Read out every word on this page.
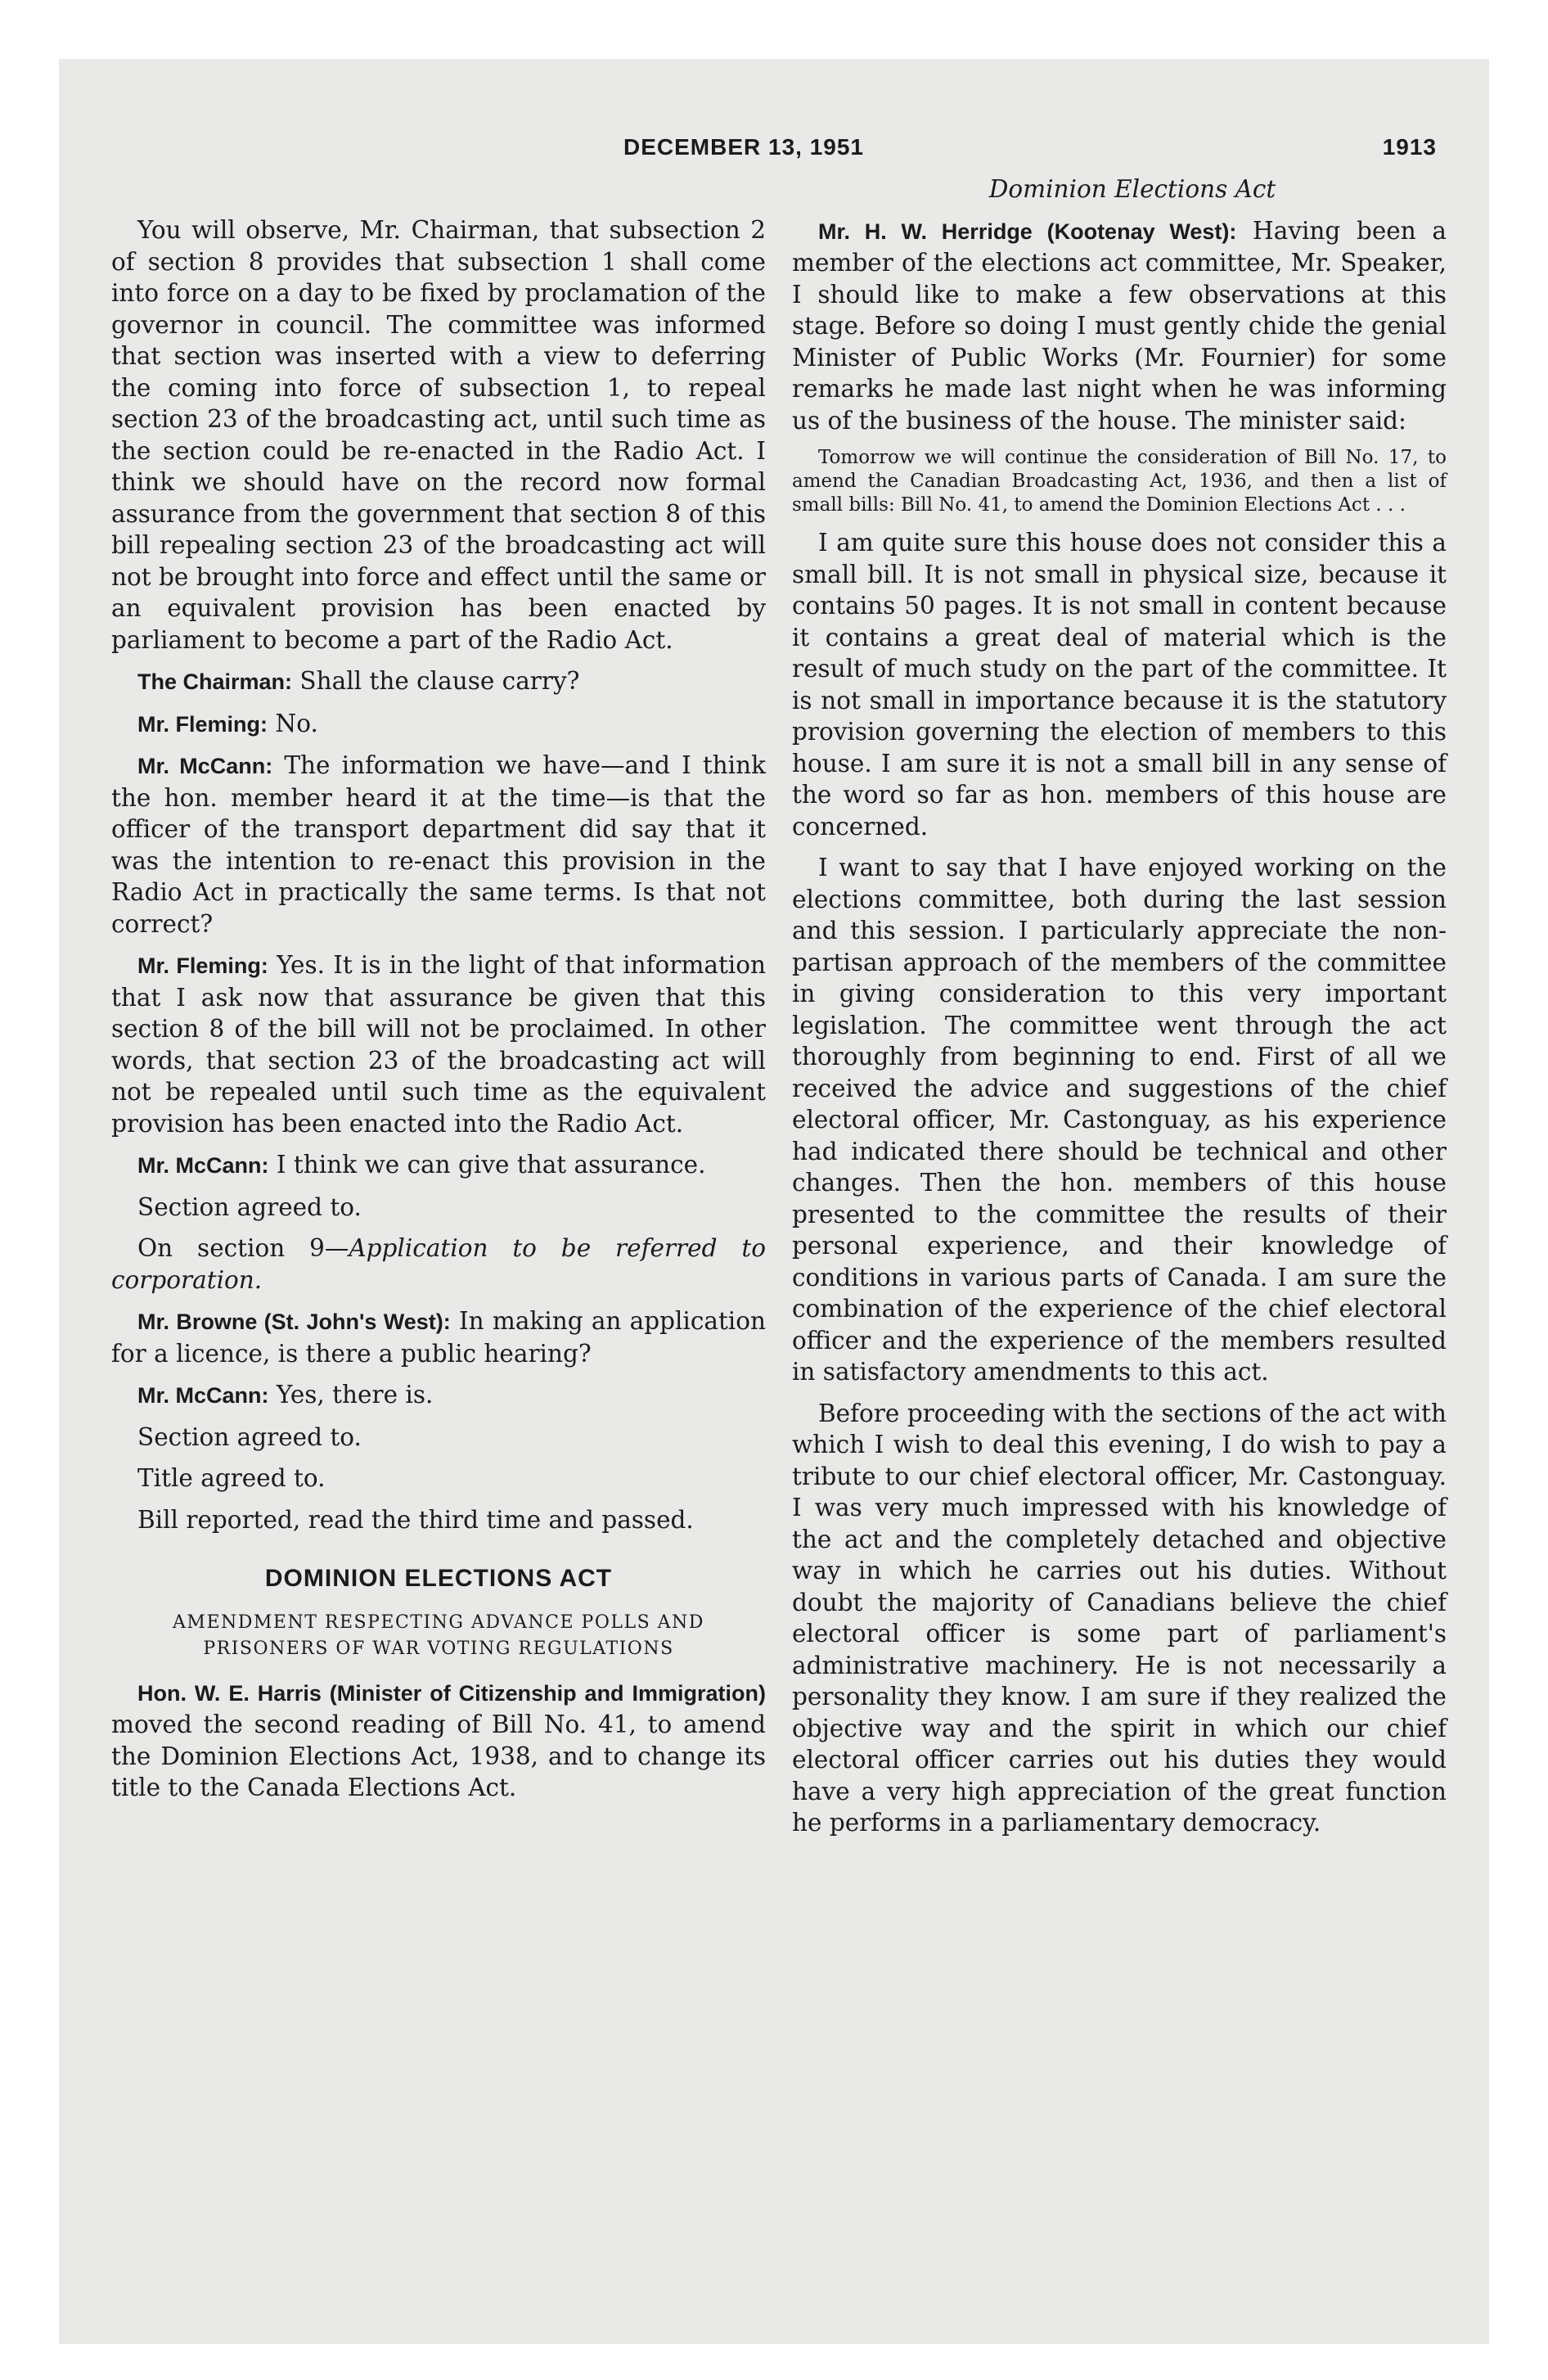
DECEMBER 13, 1951	1913

You will observe, Mr. Chairman, that subsection 2 of section 8 provides that subsection 1 shall come into force on a day to be fixed by proclamation of the governor in council. The committee was informed that section was inserted with a view to deferring the coming into force of subsection 1, to repeal section 23 of the broadcasting act, until such time as the section could be re-enacted in the Radio Act. I think we should have on the record now formal assurance from the government that section 8 of this bill repealing section 23 of the broadcasting act will not be brought into force and effect until the same or an equivalent provision has been enacted by parliament to become a part of the Radio Act.

The Chairman: Shall the clause carry?

Mr. Fleming: No.

Mr. McCann: The information we have—and I think the hon. member heard it at the time—is that the officer of the transport department did say that it was the intention to re-enact this provision in the Radio Act in practically the same terms. Is that not correct?

Mr. Fleming: Yes. It is in the light of that information that I ask now that assurance be given that this section 8 of the bill will not be proclaimed. In other words, that section 23 of the broadcasting act will not be repealed until such time as the equivalent provision has been enacted into the Radio Act.

Mr. McCann: I think we can give that assurance.

Section agreed to.

On section 9—Application to be referred to corporation.

Mr. Browne (St. John's West): In making an application for a licence, is there a public hearing?

Mr. McCann: Yes, there is.

Section agreed to.

Title agreed to.

Bill reported, read the third time and passed.

DOMINION ELECTIONS ACT
AMENDMENT RESPECTING ADVANCE POLLS AND PRISONERS OF WAR VOTING REGULATIONS

Hon. W. E. Harris (Minister of Citizenship and Immigration) moved the second reading of Bill No. 41, to amend the Dominion Elections Act, 1938, and to change its title to the Canada Elections Act.

Dominion Elections Act

Mr. H. W. Herridge (Kootenay West): Having been a member of the elections act committee, Mr. Speaker, I should like to make a few observations at this stage. Before so doing I must gently chide the genial Minister of Public Works (Mr. Fournier) for some remarks he made last night when he was informing us of the business of the house. The minister said:

Tomorrow we will continue the consideration of Bill No. 17, to amend the Canadian Broadcasting Act, 1936, and then a list of small bills: Bill No. 41, to amend the Dominion Elections Act . . .

I am quite sure this house does not consider this a small bill. It is not small in physical size, because it contains 50 pages. It is not small in content because it contains a great deal of material which is the result of much study on the part of the committee. It is not small in importance because it is the statutory provision governing the election of members to this house. I am sure it is not a small bill in any sense of the word so far as hon. members of this house are concerned.

I want to say that I have enjoyed working on the elections committee, both during the last session and this session. I particularly appreciate the non-partisan approach of the members of the committee in giving consideration to this very important legislation. The committee went through the act thoroughly from beginning to end. First of all we received the advice and suggestions of the chief electoral officer, Mr. Castonguay, as his experience had indicated there should be technical and other changes. Then the hon. members of this house presented to the committee the results of their personal experience, and their knowledge of conditions in various parts of Canada. I am sure the combination of the experience of the chief electoral officer and the experience of the members resulted in satisfactory amendments to this act.

Before proceeding with the sections of the act with which I wish to deal this evening, I do wish to pay a tribute to our chief electoral officer, Mr. Castonguay. I was very much impressed with his knowledge of the act and the completely detached and objective way in which he carries out his duties. Without doubt the majority of Canadians believe the chief electoral officer is some part of parliament's administrative machinery. He is not necessarily a personality they know. I am sure if they realized the objective way and the spirit in which our chief electoral officer carries out his duties they would have a very high appreciation of the great function he performs in a parliamentary democracy.
